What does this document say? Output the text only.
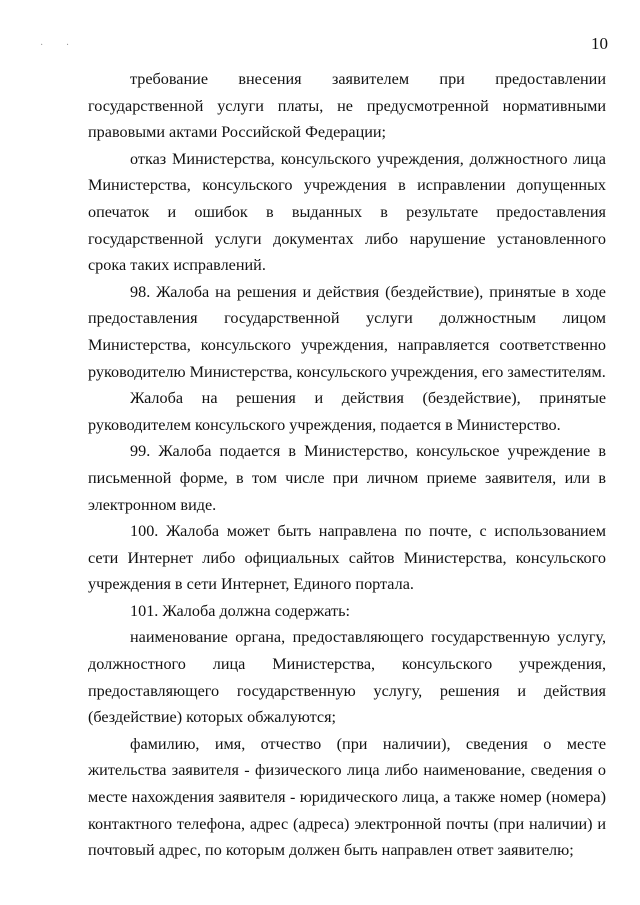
· ·	10

требование внесения заявителем при предоставлении государственной услуги платы, не предусмотренной нормативными правовыми актами Российской Федерации;

отказ Министерства, консульского учреждения, должностного лица Министерства, консульского учреждения в исправлении допущенных опечаток и ошибок в выданных в результате предоставления государственной услуги документах либо нарушение установленного срока таких исправлений.

98. Жалоба на решения и действия (бездействие), принятые в ходе предоставления государственной услуги должностным лицом Министерства, консульского учреждения, направляется соответственно руководителю Министерства, консульского учреждения, его заместителям.

Жалоба на решения и действия (бездействие), принятые руководителем консульского учреждения, подается в Министерство.

99. Жалоба подается в Министерство, консульское учреждение в письменной форме, в том числе при личном приеме заявителя, или в электронном виде.

100. Жалоба может быть направлена по почте, с использованием сети Интернет либо официальных сайтов Министерства, консульского учреждения в сети Интернет, Единого портала.

101. Жалоба должна содержать:

наименование органа, предоставляющего государственную услугу, должностного лица Министерства, консульского учреждения, предоставляющего государственную услугу, решения и действия (бездействие) которых обжалуются;

фамилию, имя, отчество (при наличии), сведения о месте жительства заявителя - физического лица либо наименование, сведения о месте нахождения заявителя - юридического лица, а также номер (номера) контактного телефона, адрес (адреса) электронной почты (при наличии) и почтовый адрес, по которым должен быть направлен ответ заявителю;
